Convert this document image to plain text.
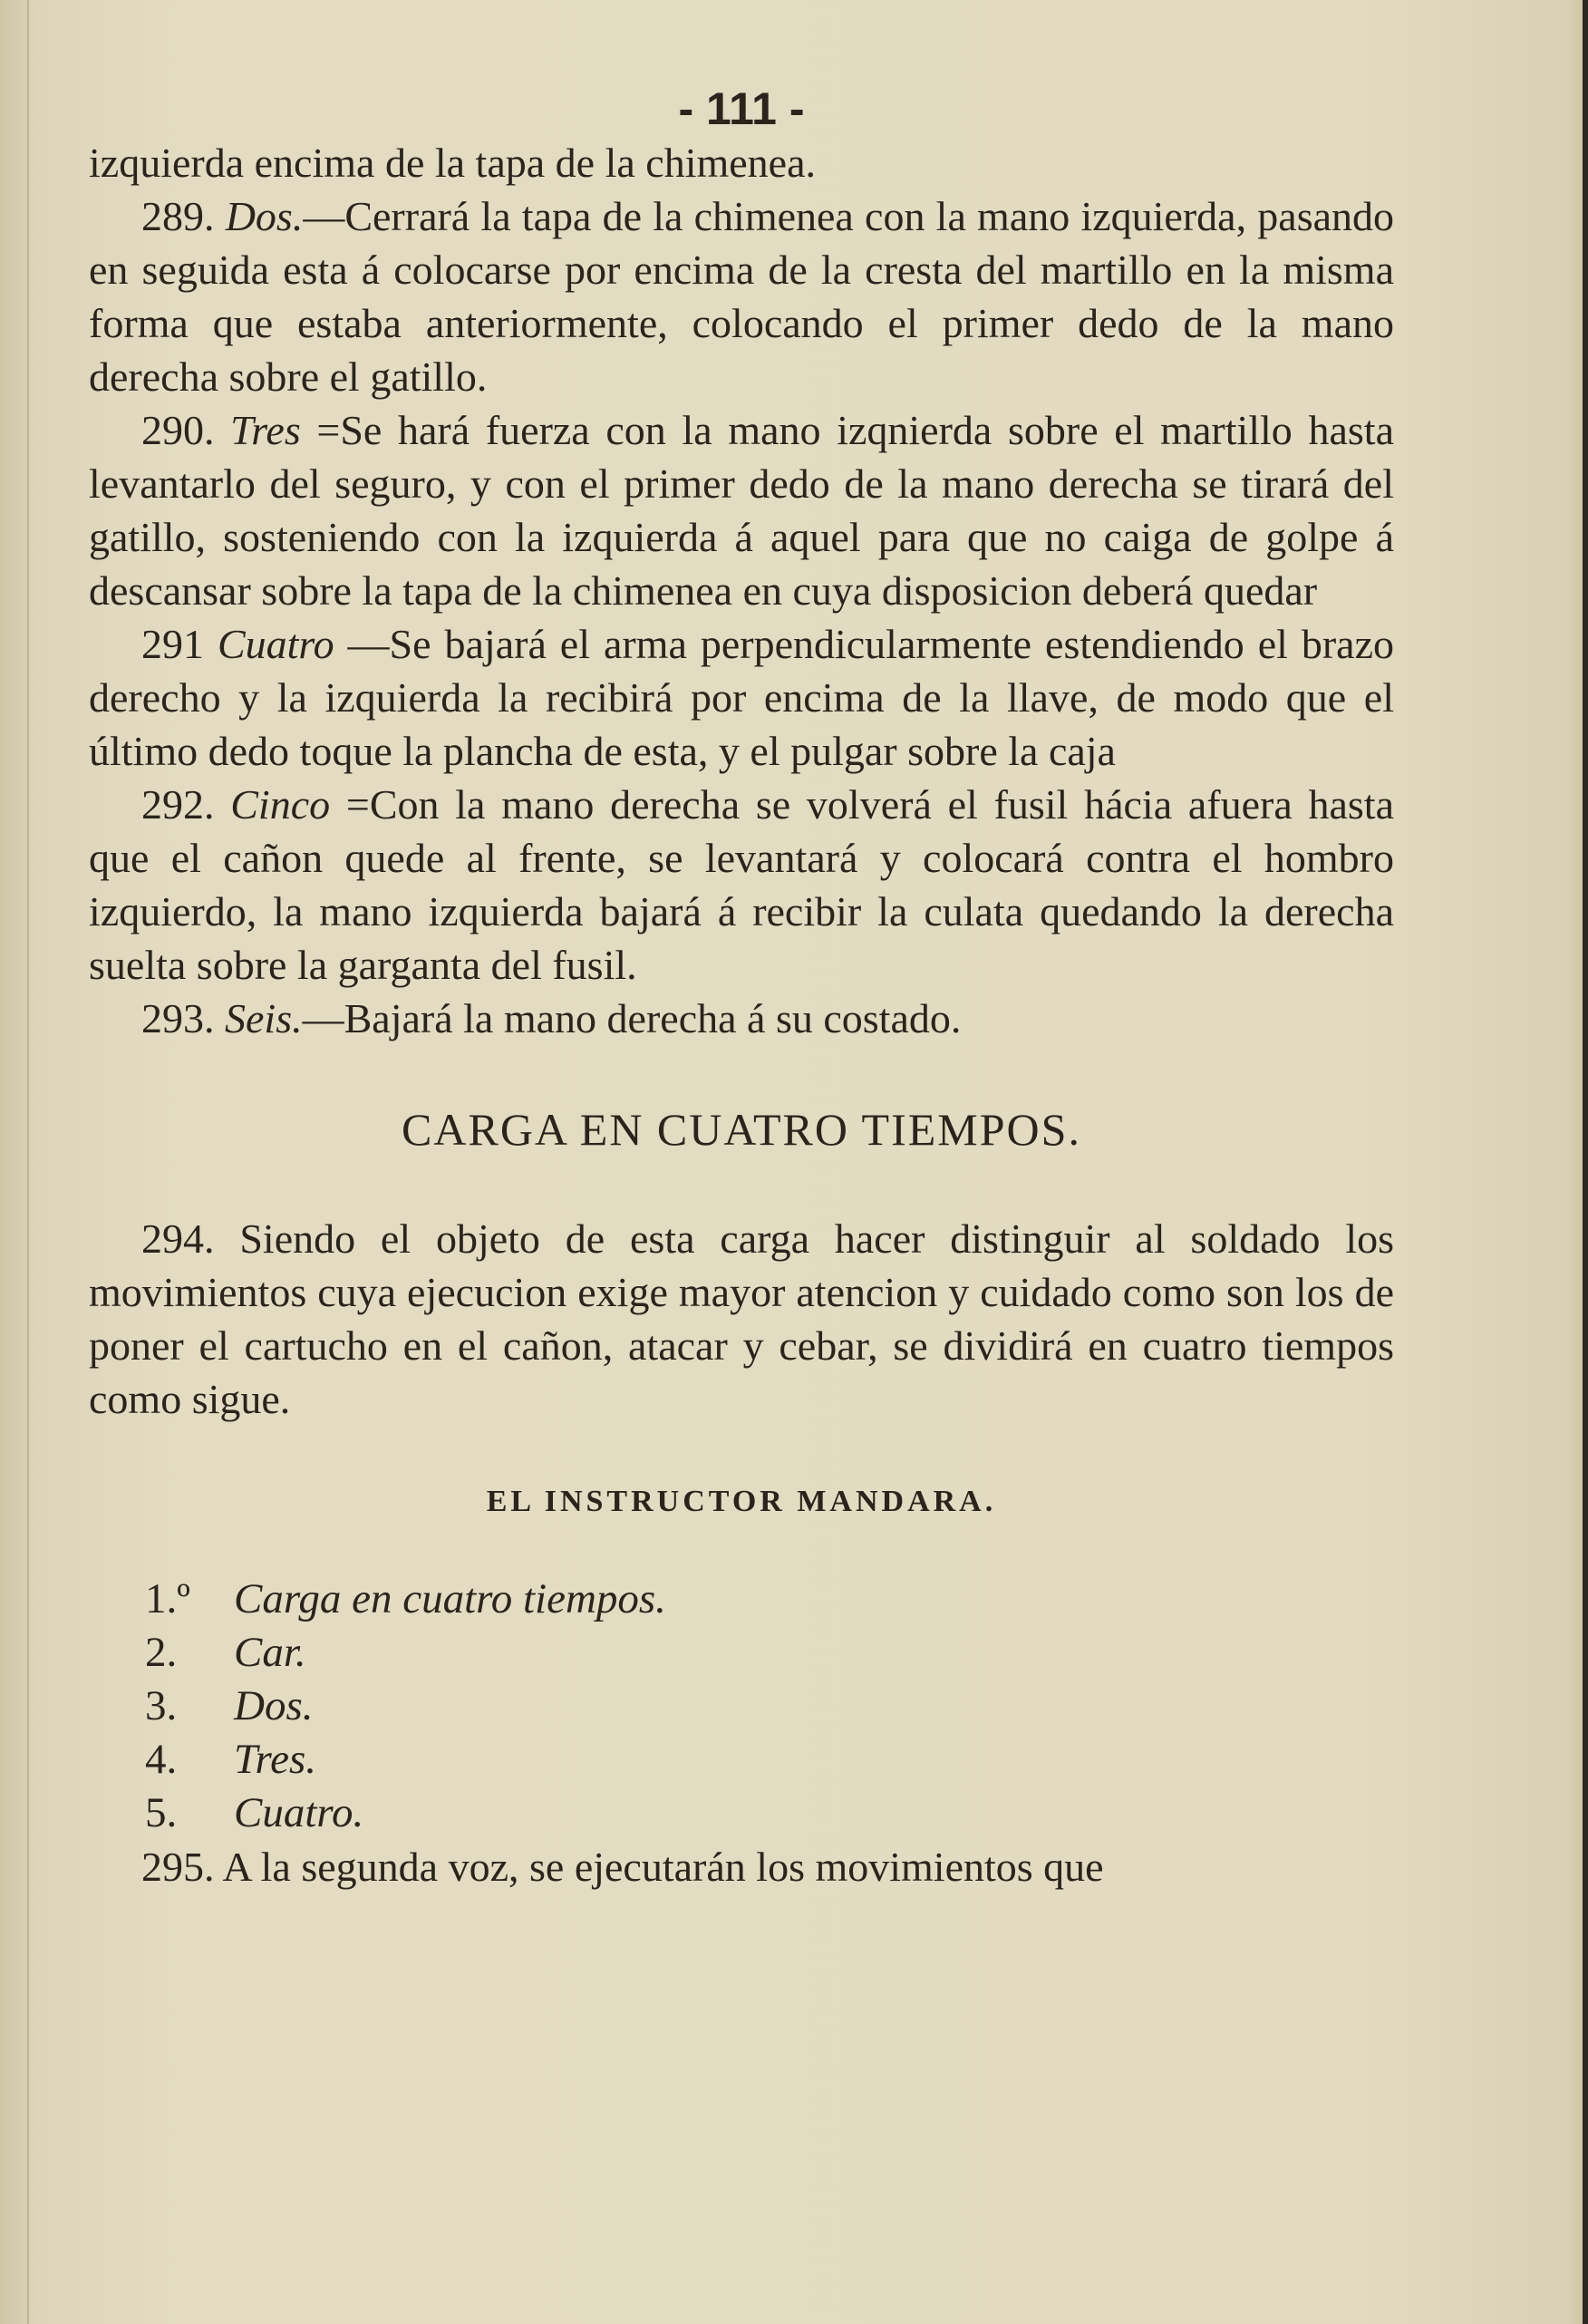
- 111 -

izquierda encima de la tapa de la chimenea.

289. Dos.—Cerrará la tapa de la chimenea con la mano izquierda, pasando en seguida esta á colocarse por encima de la cresta del martillo en la misma forma que estaba anteriormente, colocando el primer dedo de la mano derecha sobre el gatillo.

290. Tres =Se hará fuerza con la mano izqnierda sobre el martillo hasta levantarlo del seguro, y con el primer dedo de la mano derecha se tirará del gatillo, sosteniendo con la izquierda á aquel para que no caiga de golpe á descansar sobre la tapa de la chimenea en cuya disposicion deberá quedar

291 Cuatro —Se bajará el arma perpendicularmente estendiendo el brazo derecho y la izquierda la recibirá por encima de la llave, de modo que el último dedo toque la plancha de esta, y el pulgar sobre la caja

292. Cinco =Con la mano derecha se volverá el fusil hácia afuera hasta que el cañon quede al frente, se levantará y colocará contra el hombro izquierdo, la mano izquierda bajará á recibir la culata quedando la derecha suelta sobre la garganta del fusil.

293. Seis.—Bajará la mano derecha á su costado.

CARGA EN CUATRO TIEMPOS.

294. Siendo el objeto de esta carga hacer distinguir al soldado los movimientos cuya ejecucion exige mayor atencion y cuidado como son los de poner el cartucho en el cañon, atacar y cebar, se dividirá en cuatro tiempos como sigue.

EL INSTRUCTOR MANDARA.
1.º Carga en cuatro tiempos.
2. Car.
3. Dos.
4. Tres.
5. Cuatro.

295. A la segunda voz, se ejecutarán los movimientos que
